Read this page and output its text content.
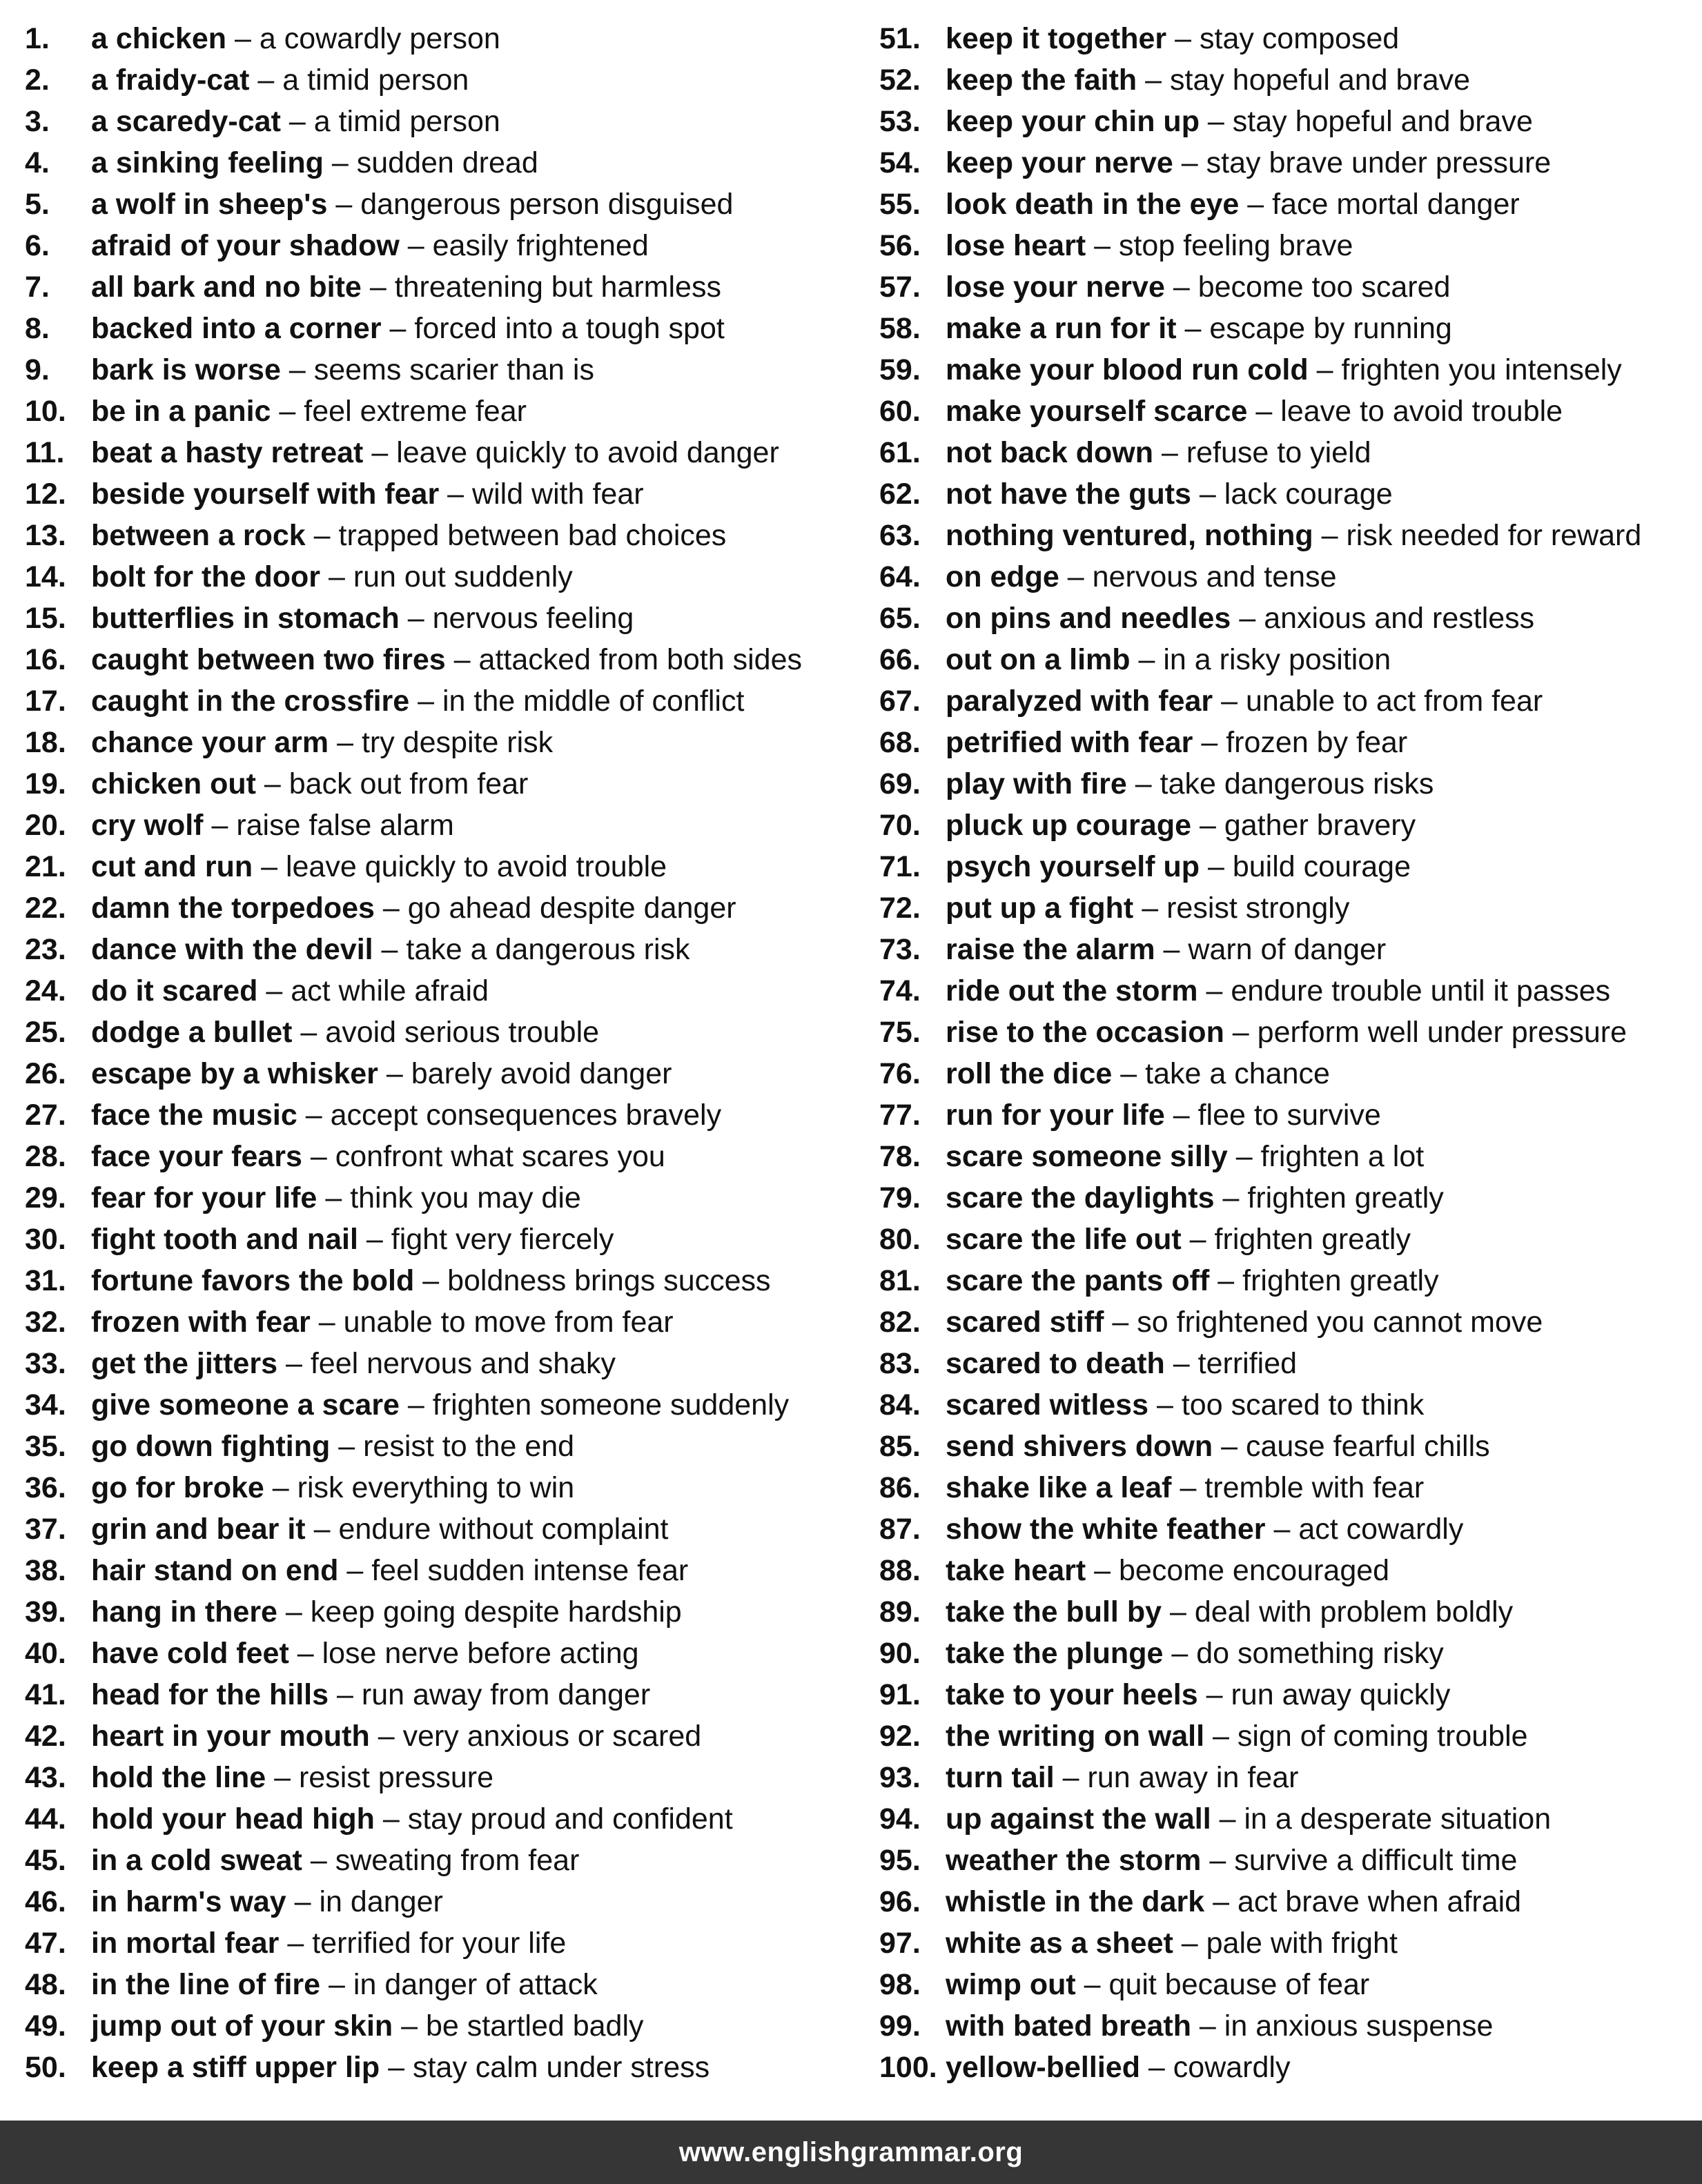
1. a chicken – a cowardly person
2. a fraidy-cat – a timid person
3. a scaredy-cat – a timid person
4. a sinking feeling – sudden dread
5. a wolf in sheep's – dangerous person disguised
6. afraid of your shadow – easily frightened
7. all bark and no bite – threatening but harmless
8. backed into a corner – forced into a tough spot
9. bark is worse – seems scarier than is
10. be in a panic – feel extreme fear
11. beat a hasty retreat – leave quickly to avoid danger
12. beside yourself with fear – wild with fear
13. between a rock – trapped between bad choices
14. bolt for the door – run out suddenly
15. butterflies in stomach – nervous feeling
16. caught between two fires – attacked from both sides
17. caught in the crossfire – in the middle of conflict
18. chance your arm – try despite risk
19. chicken out – back out from fear
20. cry wolf – raise false alarm
21. cut and run – leave quickly to avoid trouble
22. damn the torpedoes – go ahead despite danger
23. dance with the devil – take a dangerous risk
24. do it scared – act while afraid
25. dodge a bullet – avoid serious trouble
26. escape by a whisker – barely avoid danger
27. face the music – accept consequences bravely
28. face your fears – confront what scares you
29. fear for your life – think you may die
30. fight tooth and nail – fight very fiercely
31. fortune favors the bold – boldness brings success
32. frozen with fear – unable to move from fear
33. get the jitters – feel nervous and shaky
34. give someone a scare – frighten someone suddenly
35. go down fighting – resist to the end
36. go for broke – risk everything to win
37. grin and bear it – endure without complaint
38. hair stand on end – feel sudden intense fear
39. hang in there – keep going despite hardship
40. have cold feet – lose nerve before acting
41. head for the hills – run away from danger
42. heart in your mouth – very anxious or scared
43. hold the line – resist pressure
44. hold your head high – stay proud and confident
45. in a cold sweat – sweating from fear
46. in harm's way – in danger
47. in mortal fear – terrified for your life
48. in the line of fire – in danger of attack
49. jump out of your skin – be startled badly
50. keep a stiff upper lip – stay calm under stress
51. keep it together – stay composed
52. keep the faith – stay hopeful and brave
53. keep your chin up – stay hopeful and brave
54. keep your nerve – stay brave under pressure
55. look death in the eye – face mortal danger
56. lose heart – stop feeling brave
57. lose your nerve – become too scared
58. make a run for it – escape by running
59. make your blood run cold – frighten you intensely
60. make yourself scarce – leave to avoid trouble
61. not back down – refuse to yield
62. not have the guts – lack courage
63. nothing ventured, nothing – risk needed for reward
64. on edge – nervous and tense
65. on pins and needles – anxious and restless
66. out on a limb – in a risky position
67. paralyzed with fear – unable to act from fear
68. petrified with fear – frozen by fear
69. play with fire – take dangerous risks
70. pluck up courage – gather bravery
71. psych yourself up – build courage
72. put up a fight – resist strongly
73. raise the alarm – warn of danger
74. ride out the storm – endure trouble until it passes
75. rise to the occasion – perform well under pressure
76. roll the dice – take a chance
77. run for your life – flee to survive
78. scare someone silly – frighten a lot
79. scare the daylights – frighten greatly
80. scare the life out – frighten greatly
81. scare the pants off – frighten greatly
82. scared stiff – so frightened you cannot move
83. scared to death – terrified
84. scared witless – too scared to think
85. send shivers down – cause fearful chills
86. shake like a leaf – tremble with fear
87. show the white feather – act cowardly
88. take heart – become encouraged
89. take the bull by – deal with problem boldly
90. take the plunge – do something risky
91. take to your heels – run away quickly
92. the writing on wall – sign of coming trouble
93. turn tail – run away in fear
94. up against the wall – in a desperate situation
95. weather the storm – survive a difficult time
96. whistle in the dark – act brave when afraid
97. white as a sheet – pale with fright
98. wimp out – quit because of fear
99. with bated breath – in anxious suspense
100. yellow-bellied – cowardly
www.englishgrammar.org
